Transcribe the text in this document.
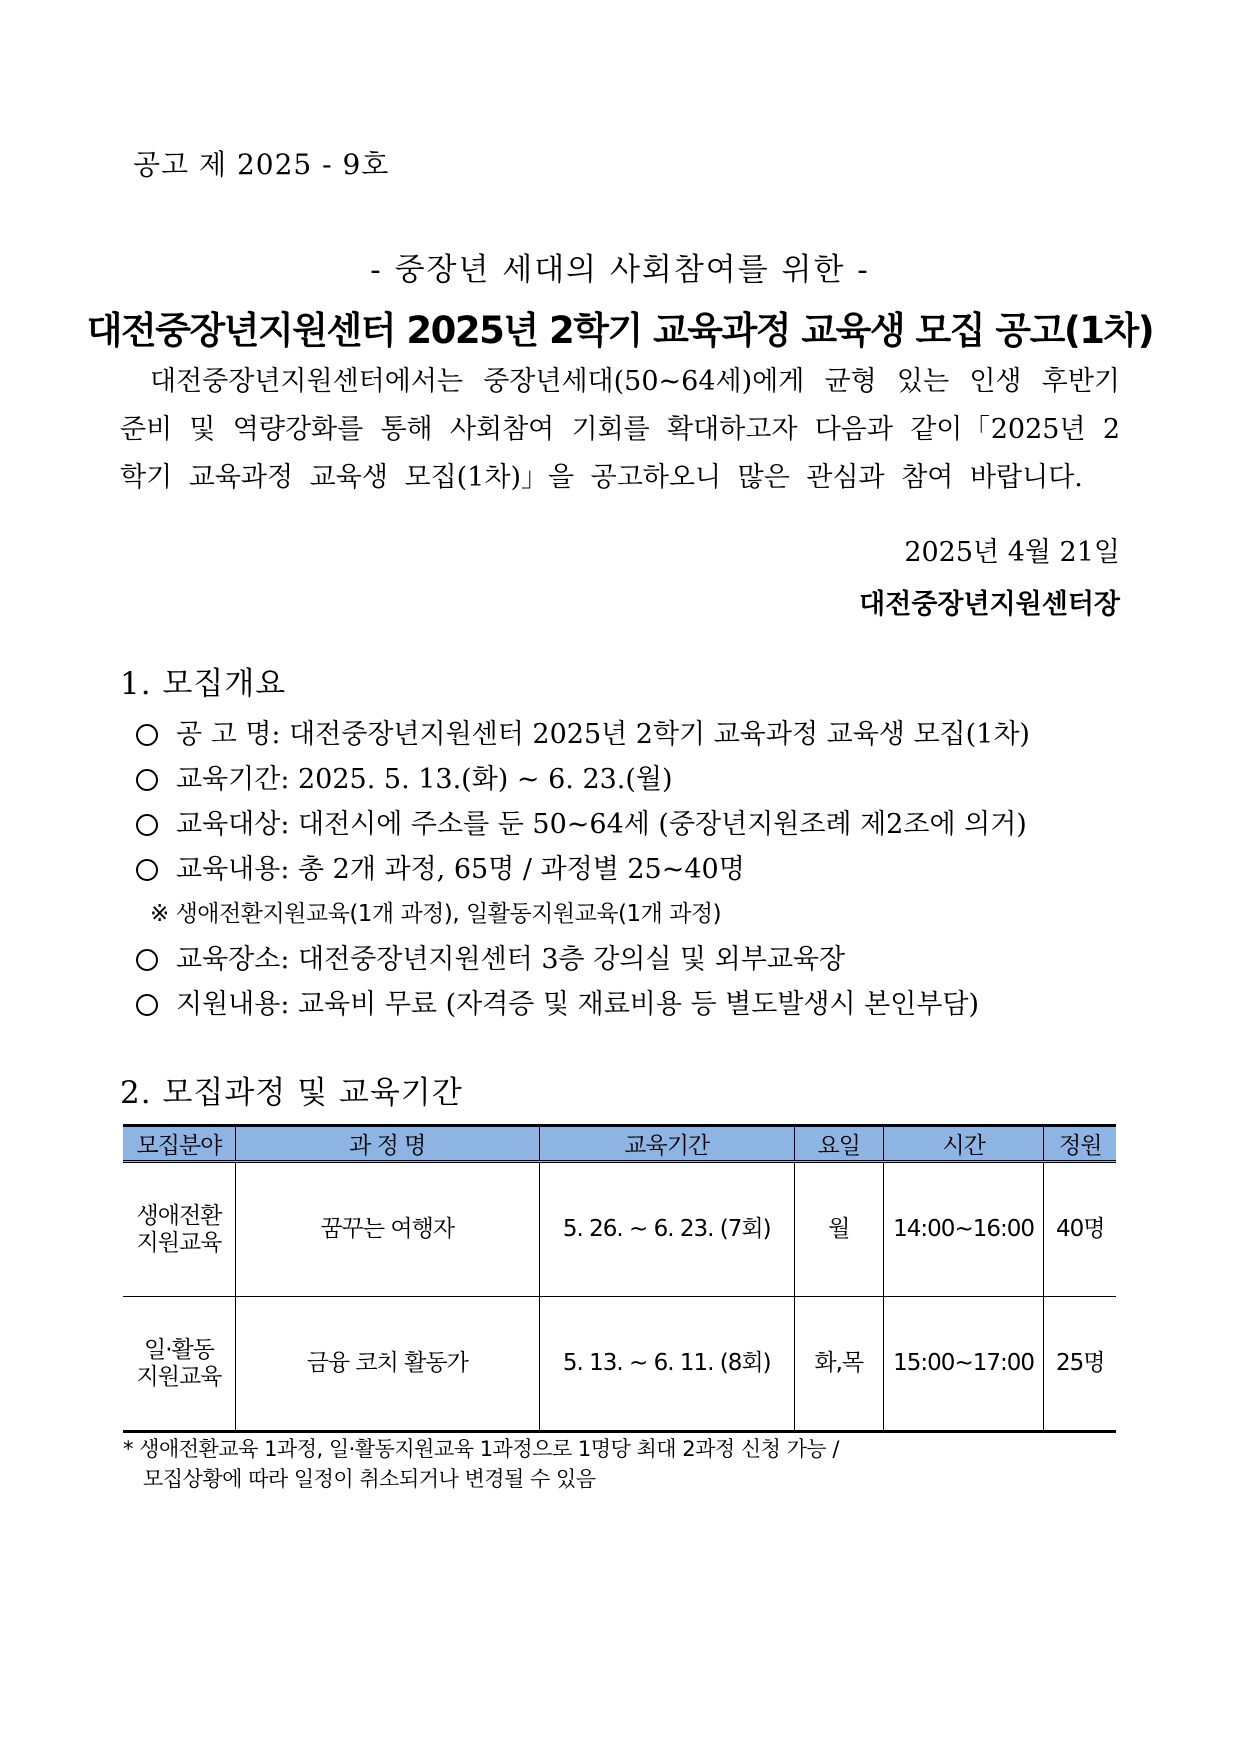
공고 제 2025 - 9호
- 중장년 세대의 사회참여를 위한 -
대전중장년지원센터 2025년 2학기 교육과정 교육생 모집 공고(1차)
대전중장년지원센터에서는 중장년세대(50~64세)에게 균형 있는 인생 후반기 준비 및 역량강화를 통해 사회참여 기회를 확대하고자 다음과 같이「2025년 2학기 교육과정 교육생 모집(1차)」을 공고하오니 많은 관심과 참여 바랍니다.
2025년 4월 21일
대전중장년지원센터장
1. 모집개요
공 고 명: 대전중장년지원센터 2025년 2학기 교육과정 교육생 모집(1차)
교육기간: 2025. 5. 13.(화) ~ 6. 23.(월)
교육대상: 대전시에 주소를 둔 50~64세 (중장년지원조례 제2조에 의거)
교육내용: 총 2개 과정, 65명 / 과정별 25~40명
※ 생애전환지원교육(1개 과정), 일활동지원교육(1개 과정)
교육장소: 대전중장년지원센터 3층 강의실 및 외부교육장
지원내용: 교육비 무료 (자격증 및 재료비용 등 별도발생시 본인부담)
2. 모집과정 및 교육기간
모집분야	과 정 명	교육기간	요일	시간	정원
생애전환
지원교육	꿈꾸는 여행자	5. 26. ~ 6. 23. (7회)	월	14:00~16:00	40명
일·활동
지원교육	금융 코치 활동가	5. 13. ~ 6. 11. (8회)	화,목	15:00~17:00	25명
* 생애전환교육 1과정, 일·활동지원교육 1과정으로 1명당 최대 2과정 신청 가능 /
모집상황에 따라 일정이 취소되거나 변경될 수 있음
